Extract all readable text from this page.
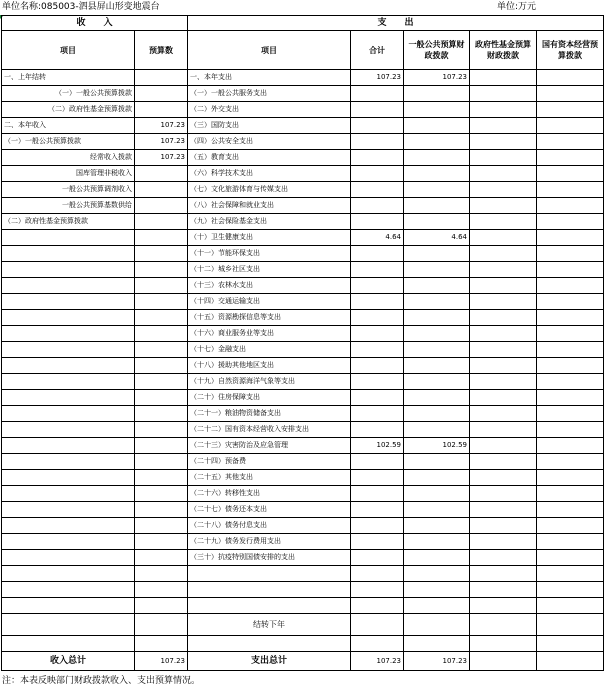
单位名称:085003-泗县屏山形变地震台	单位:万元
收　　入		支　　出				
项目	预算数	项目	合计	一般公共预算财政拨款	政府性基金预算财政拨款	国有资本经营预算拨款
一、上年结转		一、本年支出	107.23	107.23		
（一）一般公共预算拨款		（一）一般公共服务支出				
（二）政府性基金预算拨款		（二）外交支出				
二、本年收入	107.23	（三）国防支出				
（一）一般公共预算拨款	107.23	（四）公共安全支出				
经常收入拨款	107.23	（五）教育支出				
国库管理非税收入		（六）科学技术支出				
一般公共预算调剂收入		（七）文化旅游体育与传媒支出				
一般公共预算基数供给		（八）社会保障和就业支出				
（二）政府性基金预算拨款		（九）社会保险基金支出				
		（十）卫生健康支出	4.64	4.64		
		（十一）节能环保支出				
		（十二）城乡社区支出				
		（十三）农林水支出				
		（十四）交通运输支出				
		（十五）资源勘探信息等支出				
		（十六）商业服务业等支出				
		（十七）金融支出				
		（十八）援助其他地区支出				
		（十九）自然资源海洋气象等支出				
		（二十）住房保障支出				
		（二十一）粮油物资储备支出				
		（二十二）国有资本经营收入安排支出				
		（二十三）灾害防治及应急管理	102.59	102.59		
		（二十四）预备费				
		（二十五）其他支出				
		（二十六）转移性支出				
		（二十七）债务还本支出				
		（二十八）债务付息支出				
		（二十九）债务发行费用支出				
		（三十）抗疫特别国债安排的支出				

		结转下年				

收入总计	107.23	支出总计	107.23	107.23		
注：本表反映部门财政拨款收入、支出预算情况。
